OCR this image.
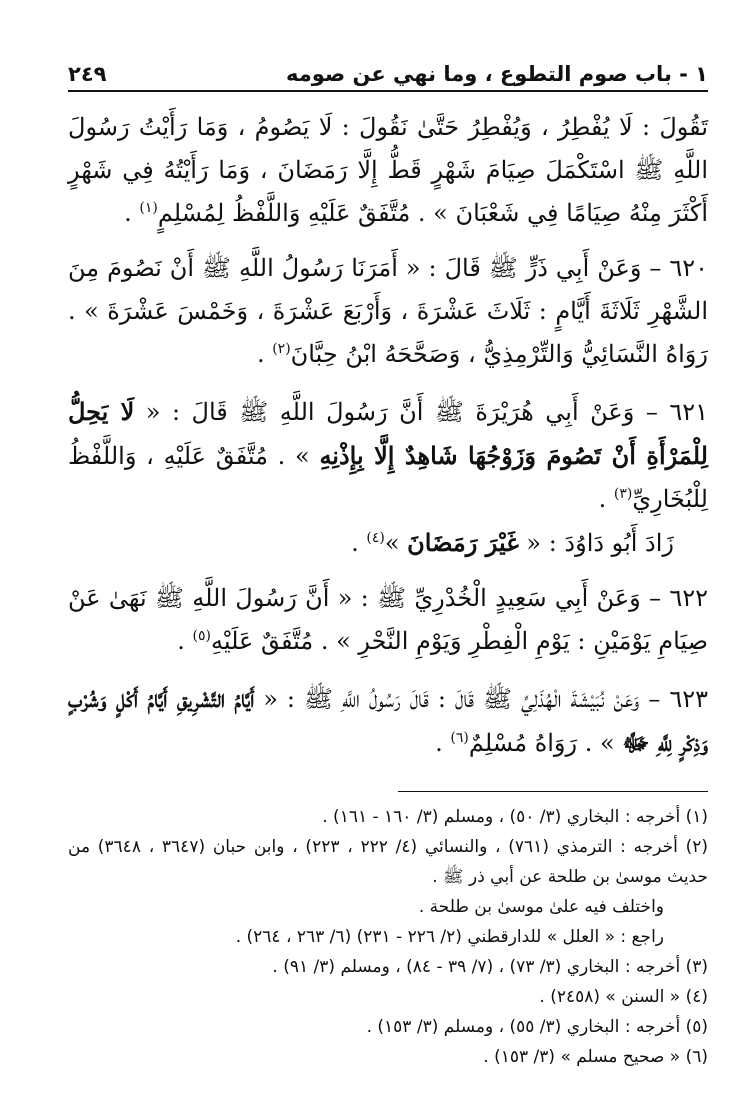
١ - باب صوم التطوع ، وما نهي عن صومه
٢٤٩

تَقُولَ : لَا يُفْطِرُ ، وَيُفْطِرُ حَتَّىٰ نَقُولَ : لَا يَصُومُ ، وَمَا رَأَيْتُ رَسُولَ اللَّهِ ﷺ اسْتَكْمَلَ صِيَامَ شَهْرٍ قَطُّ إِلَّا رَمَضَانَ ، وَمَا رَأَيْتُهُ فِي شَهْرٍ أَكْثَرَ مِنْهُ صِيَامًا فِي شَعْبَانَ » . مُتَّفَقٌ عَلَيْهِ وَاللَّفْظُ لِمُسْلِمٍ$^{(١)}$ .

٦٢٠ – وَعَنْ أَبِي ذَرٍّ ﷺ قَالَ : « أَمَرَنَا رَسُولُ اللَّهِ ﷺ أَنْ نَصُومَ مِنَ الشَّهْرِ ثَلَاثَةَ أَيَّامٍ : ثَلَاثَ عَشْرَةَ ، وَأَرْبَعَ عَشْرَةَ ، وَخَمْسَ عَشْرَةَ » . رَوَاهُ النَّسَائِيُّ وَالتِّرْمِذِيُّ ، وَصَحَّحَهُ ابْنُ حِبَّانَ$^{(٢)}$ .

٦٢١ – وَعَنْ أَبِي هُرَيْرَةَ ﷺ أَنَّ رَسُولَ اللَّهِ ﷺ قَالَ : « لَا يَحِلُّ لِلْمَرْأَةِ أَنْ تَصُومَ وَزَوْجُهَا شَاهِدٌ إِلَّا بِإِذْنِهِ » . مُتَّفَقٌ عَلَيْهِ ، وَاللَّفْظُ لِلْبُخَارِيِّ$^{(٣)}$ .

زَادَ أَبُو دَاوُدَ : « غَيْرَ رَمَضَانَ »$^{(٤)}$ .

٦٢٢ – وَعَنْ أَبِي سَعِيدٍ الْخُدْرِيِّ ﷺ : « أَنَّ رَسُولَ اللَّهِ ﷺ نَهَىٰ عَنْ صِيَامِ يَوْمَيْنِ : يَوْمِ الْفِطْرِ وَيَوْمِ النَّحْرِ » . مُتَّفَقٌ عَلَيْهِ$^{(٥)}$ .

٦٢٣ – وَعَنْ نُبَيْشَةَ الْهُذَلِيِّ ﷺ قَالَ : قَالَ رَسُولُ اللَّهِ ﷺ : « أَيَّامُ التَّشْرِيقِ أَيَّامُ أَكْلٍ وَشُرْبٍ وَذِكْرٍ لِلَّهِ ﷻ » . رَوَاهُ مُسْلِمٌ$^{(٦)}$ .

(١) أخرجه : البخاري (٣/ ٥٠) ، ومسلم (٣/ ١٦٠ - ١٦١) .

(٢) أخرجه : الترمذي (٧٦١) ، والنسائي (٤/ ٢٢٢ ، ٢٢٣) ، وابن حبان (٣٦٤٧ ، ٣٦٤٨) من حديث موسىٰ بن طلحة عن أبي ذر ﷺ .

واختلف فيه علىٰ موسىٰ بن طلحة .

راجع : « العلل » للدارقطني (٢/ ٢٢٦ - ٢٣١) (٦/ ٢٦٣ ، ٢٦٤) .

(٣) أخرجه : البخاري (٣/ ٧٣) ، (٧/ ٣٩ - ٨٤) ، ومسلم (٣/ ٩١) .

(٤) « السنن » (٢٤٥٨) .

(٥) أخرجه : البخاري (٣/ ٥٥) ، ومسلم (٣/ ١٥٣) .

(٦) « صحيح مسلم » (٣/ ١٥٣) .
